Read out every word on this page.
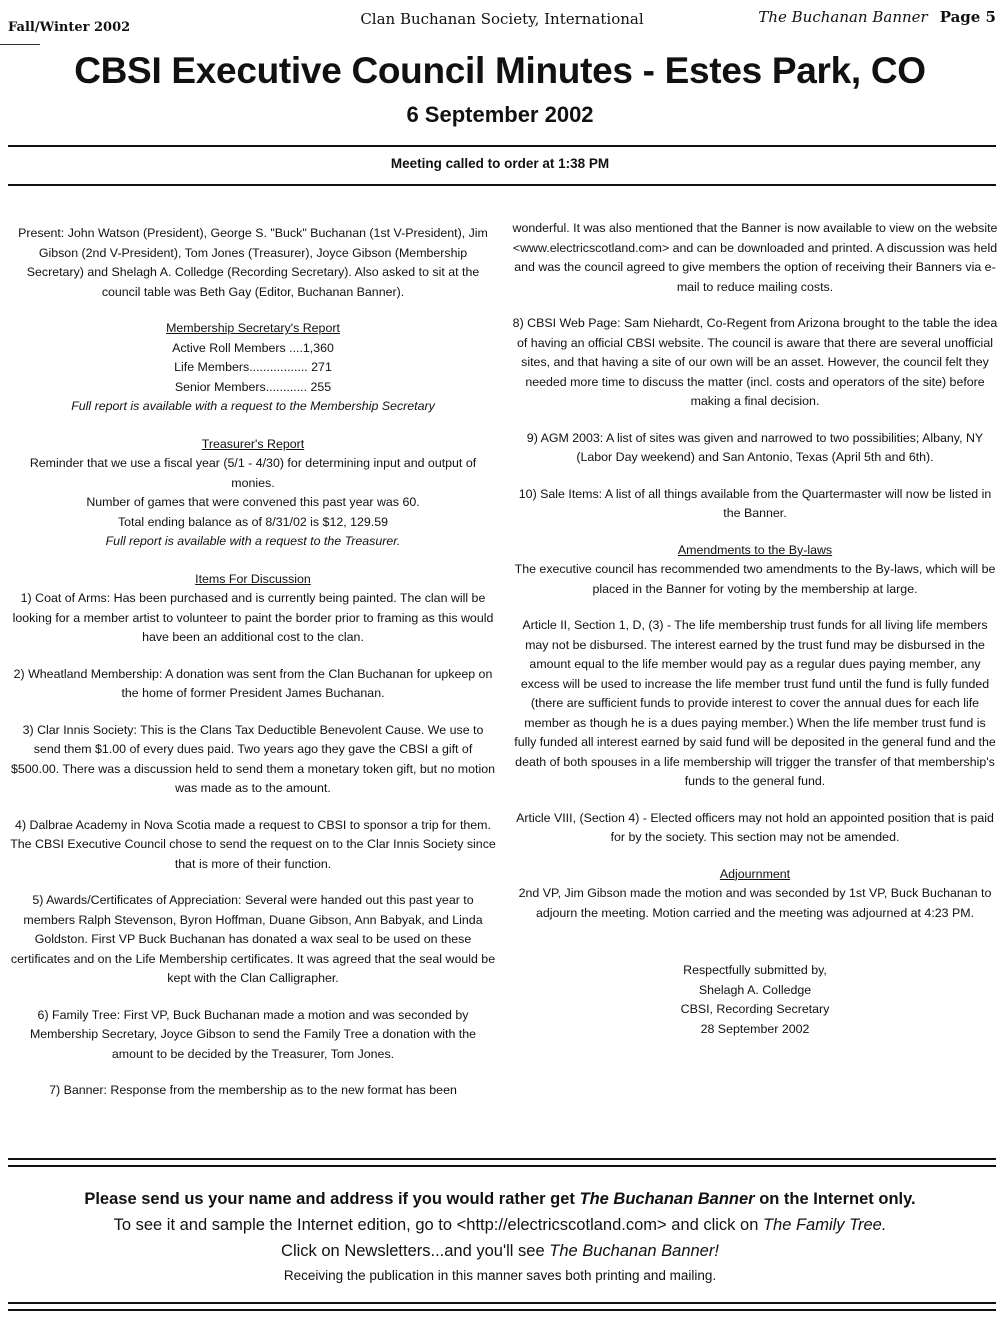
Fall/Winter 2002	Clan Buchanan Society, International	The Buchanan Banner Page 5
CBSI Executive Council Minutes - Estes Park, CO
6 September 2002
Meeting called to order at 1:38 PM

Present: John Watson (President), George S. "Buck" Buchanan (1st V-President), Jim Gibson (2nd V-President), Tom Jones (Treasurer), Joyce Gibson (Membership Secretary) and Shelagh A. Colledge (Recording Secretary). Also asked to sit at the council table was Beth Gay (Editor, Buchanan Banner).

Membership Secretary's Report

Active Roll Members ....1,360

Life Members................. 271

Senior Members............ 255

Full report is available with a request to the Membership Secretary

Treasurer's Report

Reminder that we use a fiscal year (5/1 - 4/30) for determining input and output of monies.

Number of games that were convened this past year was 60.

Total ending balance as of 8/31/02 is $12, 129.59

Full report is available with a request to the Treasurer.

Items For Discussion

1) Coat of Arms: Has been purchased and is currently being painted. The clan will be looking for a member artist to volunteer to paint the border prior to framing as this would have been an additional cost to the clan.

2) Wheatland Membership: A donation was sent from the Clan Buchanan for upkeep on the home of former President James Buchanan.

3) Clar Innis Society: This is the Clans Tax Deductible Benevolent Cause. We use to send them $1.00 of every dues paid. Two years ago they gave the CBSI a gift of $500.00. There was a discussion held to send them a monetary token gift, but no motion was made as to the amount.

4) Dalbrae Academy in Nova Scotia made a request to CBSI to sponsor a trip for them. The CBSI Executive Council chose to send the request on to the Clar Innis Society since that is more of their function.

5) Awards/Certificates of Appreciation: Several were handed out this past year to members Ralph Stevenson, Byron Hoffman, Duane Gibson, Ann Babyak, and Linda Goldston. First VP Buck Buchanan has donated a wax seal to be used on these certificates and on the Life Membership certificates. It was agreed that the seal would be kept with the Clan Calligrapher.

6) Family Tree: First VP, Buck Buchanan made a motion and was seconded by Membership Secretary, Joyce Gibson to send the Family Tree a donation with the amount to be decided by the Treasurer, Tom Jones.

7) Banner: Response from the membership as to the new format has been

wonderful. It was also mentioned that the Banner is now available to view on the website <www.electricscotland.com> and can be downloaded and printed. A discussion was held and was the council agreed to give members the option of receiving their Banners via e-mail to reduce mailing costs.

8) CBSI Web Page: Sam Niehardt, Co-Regent from Arizona brought to the table the idea of having an official CBSI website. The council is aware that there are several unofficial sites, and that having a site of our own will be an asset. However, the council felt they needed more time to discuss the matter (incl. costs and operators of the site) before making a final decision.

9) AGM 2003: A list of sites was given and narrowed to two possibilities; Albany, NY (Labor Day weekend) and San Antonio, Texas (April 5th and 6th).

10) Sale Items: A list of all things available from the Quartermaster will now be listed in the Banner.

Amendments to the By-laws

The executive council has recommended two amendments to the By-laws, which will be placed in the Banner for voting by the membership at large.

Article II, Section 1, D, (3) - The life membership trust funds for all living life members may not be disbursed. The interest earned by the trust fund may be disbursed in the amount equal to the life member would pay as a regular dues paying member, any excess will be used to increase the life member trust fund until the fund is fully funded (there are sufficient funds to provide interest to cover the annual dues for each life member as though he is a dues paying member.) When the life member trust fund is fully funded all interest earned by said fund will be deposited in the general fund and the death of both spouses in a life membership will trigger the transfer of that membership's funds to the general fund.

Article VIII, (Section 4) - Elected officers may not hold an appointed position that is paid for by the society. This section may not be amended.

Adjournment

2nd VP, Jim Gibson made the motion and was seconded by 1st VP, Buck Buchanan to adjourn the meeting. Motion carried and the meeting was adjourned at 4:23 PM.

Respectfully submitted by,

Shelagh A. Colledge

CBSI, Recording Secretary

28 September 2002

Please send us your name and address if you would rather get The Buchanan Banner on the Internet only.

To see it and sample the Internet edition, go to <http://electricscotland.com> and click on The Family Tree.

Click on Newsletters...and you'll see The Buchanan Banner!

Receiving the publication in this manner saves both printing and mailing.
